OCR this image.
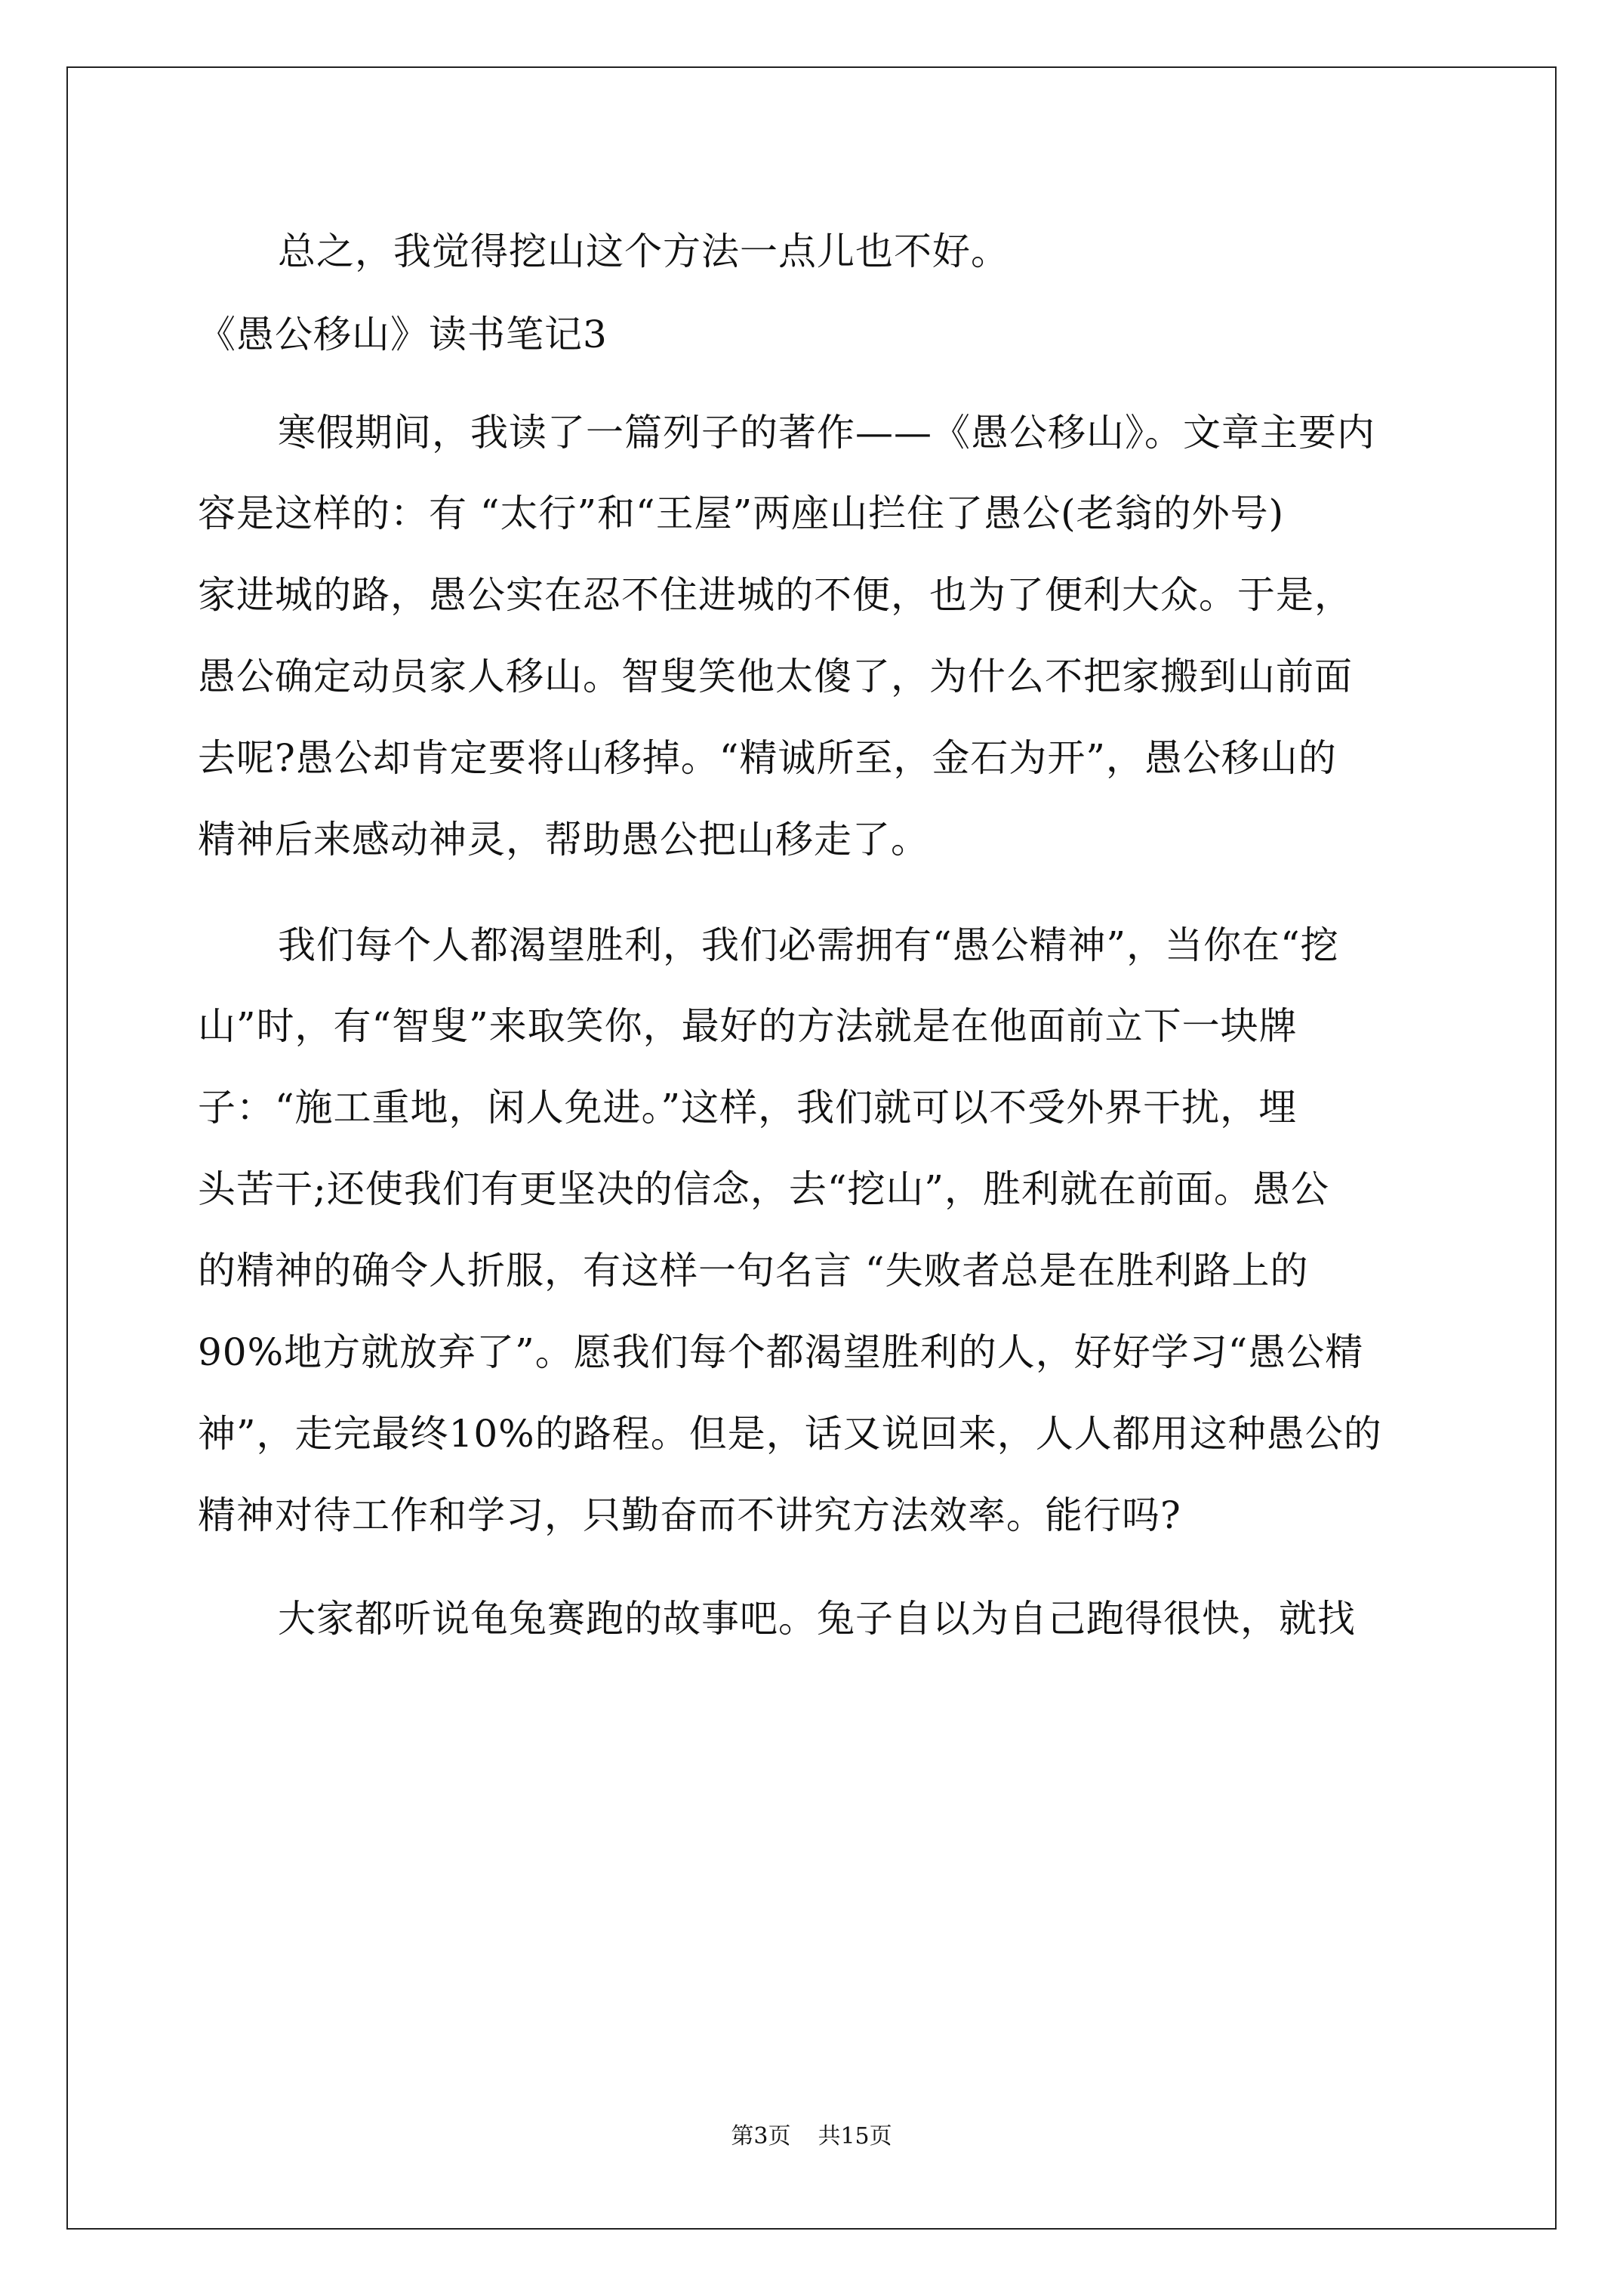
总之，我觉得挖山这个方法一点儿也不好。
《愚公移山》读书笔记3
寒假期间，我读了一篇列子的著作——《愚公移山》。文章主要内
容是这样的：有 “太行”和“王屋”两座山拦住了愚公(老翁的外号)
家进城的路，愚公实在忍不住进城的不便，也为了便利大众。于是，
愚公确定动员家人移山。智叟笑他太傻了，为什么不把家搬到山前面
去呢?愚公却肯定要将山移掉。“精诚所至，金石为开”，愚公移山的
精神后来感动神灵，帮助愚公把山移走了。
我们每个人都渴望胜利，我们必需拥有“愚公精神”，当你在“挖
山”时，有“智叟”来取笑你，最好的方法就是在他面前立下一块牌
子：“施工重地，闲人免进。”这样，我们就可以不受外界干扰，埋
头苦干;还使我们有更坚决的信念，去“挖山”，胜利就在前面。愚公
的精神的确令人折服，有这样一句名言 “失败者总是在胜利路上的
90%地方就放弃了”。愿我们每个都渴望胜利的人，好好学习“愚公精
神”，走完最终10%的路程。但是，话又说回来，人人都用这种愚公的
精神对待工作和学习，只勤奋而不讲究方法效率。能行吗?
大家都听说龟兔赛跑的故事吧。兔子自以为自己跑得很快，就找
第3页 共15页
